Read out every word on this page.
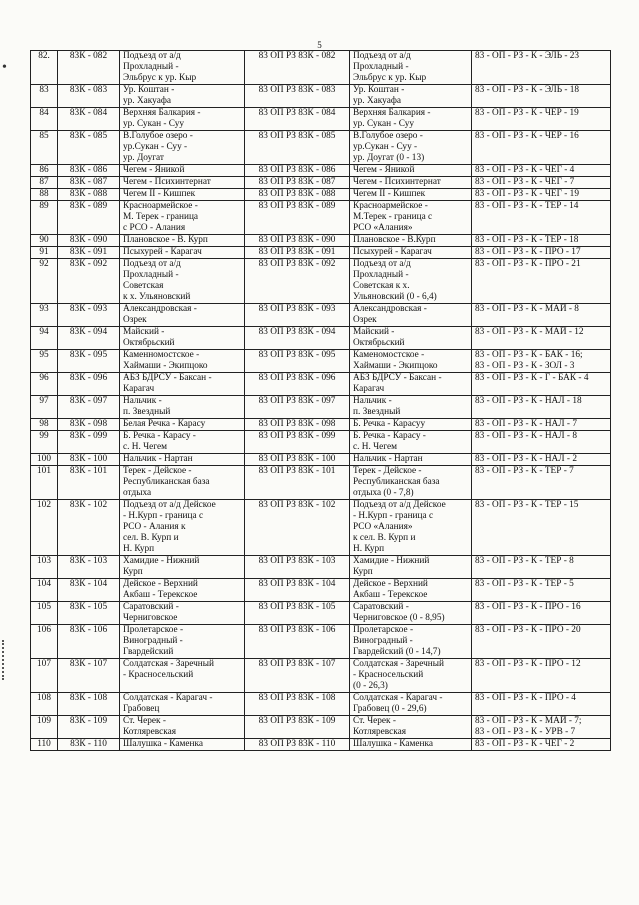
5
•
82.	83К - 082	Подъезд от а/д
Прохладный -
Эльбрус к ур. Кыр	83 ОП РЗ 83К - 082	Подъезд от а/д
Прохладный -
Эльбрус к ур. Кыр	83 - ОП - РЗ - К - ЭЛЬ - 23
83	83К - 083	Ур. Коштан -
ур. Хакуафа	83 ОП РЗ 83К - 083	Ур. Коштан -
ур. Хакуафа	83 - ОП - РЗ - К - ЭЛЬ - 18
84	83К - 084	Верхняя Балкария -
ур. Сукан - Суу	83 ОП РЗ 83К - 084	Верхняя Балкария -
ур. Сукан - Суу	83 - ОП - РЗ - К - ЧЕР - 19
85	83К - 085	В.Голубое озеро -
ур.Сукан - Суу -
ур. Доугат	83 ОП РЗ 83К - 085	В.Голубое озеро -
ур.Сукан - Суу -
ур. Доугат (0 - 13)	83 - ОП - РЗ - К - ЧЕР - 16
86	83К - 086	Чегем - Яникой	83 ОП РЗ 83К - 086	Чегем - Яникой	83 - ОП - РЗ - К - ЧЕГ - 4
87	83К - 087	Чегем - Психинтернат	83 ОП РЗ 83К - 087	Чегем - Психинтернат	83 - ОП - РЗ - К - ЧЕГ - 7
88	83К - 088	Чегем II - Кишпек	83 ОП РЗ 83К - 088	Чегем II - Кишпек	83 - ОП - РЗ - К - ЧЕГ - 19
89	83К - 089	Красноармейское -
М. Терек - граница
с РСО - Алания	83 ОП РЗ 83К - 089	Красноармейское -
М.Терек - граница с
РСО «Алания»	83 - ОП - РЗ - К - ТЕР - 14
90	83К - 090	Плановское - В. Курп	83 ОП РЗ 83К - 090	Плановское - В.Курп	83 - ОП - РЗ - К - ТЕР - 18
91	83К - 091	Псыхурей - Карагач	83 ОП РЗ 83К - 091	Псыхурей - Карагач	83 - ОП - РЗ - К - ПРО - 17
92	83К - 092	Подъезд от а/д
Прохладный -
Советская
к х. Ульяновский	83 ОП РЗ 83К - 092	Подъезд от а/д
Прохладный -
Советская к х.
Ульяновский (0 - 6,4)	83 - ОП - РЗ - К - ПРО - 21
93	83К - 093	Александровская -
Озрек	83 ОП РЗ 83К - 093	Александровская -
Озрек	83 - ОП - РЗ - К - МАЙ - 8
94	83К - 094	Майский -
Октябрьский	83 ОП РЗ 83К - 094	Майский -
Октябрьский	83 - ОП - РЗ - К - МАЙ - 12
95	83К - 095	Каменномостское -
Хаймаши - Экипцоко	83 ОП РЗ 83К - 095	Каменомостское -
Хаймаши - Экипцоко	83 - ОП - РЗ - К - БАК - 16;
83 - ОП - РЗ - К - ЗОЛ - 3
96	83К - 096	АБЗ БДРСУ - Баксан -
Карагач	83 ОП РЗ 83К - 096	АБЗ БДРСУ - Баксан -
Карагач	83 - ОП - РЗ - К - Г - БАК - 4
97	83К - 097	Нальчик -
п. Звездный	83 ОП РЗ 83К - 097	Нальчик -
п. Звездный	83 - ОП - РЗ - К - НАЛ - 18
98	83К - 098	Белая Речка - Карасу	83 ОП РЗ 83К - 098	Б. Речка - Карасуу	83 - ОП - РЗ - К - НАЛ - 7
99	83К - 099	Б. Речка - Карасу -
с. Н. Чегем	83 ОП РЗ 83К - 099	Б. Речка - Карасу -
с. Н. Чегем	83 - ОП - РЗ - К - НАЛ - 8
100	83К - 100	Нальчик - Нартан	83 ОП РЗ 83К - 100	Нальчик - Нартан	83 - ОП - РЗ - К - НАЛ - 2
101	83К - 101	Терек - Дейское -
Республиканская база
отдыха	83 ОП РЗ 83К - 101	Терек - Дейское -
Республиканская база
отдыха (0 - 7,8)	83 - ОП - РЗ - К - ТЕР - 7
102	83К - 102	Подъезд от а/д Дейское
- Н.Курп - граница с
РСО - Алания к
сел. В. Курп и
Н. Курп	83 ОП РЗ 83К - 102	Подъезд от а/д Дейское
- Н.Курп - граница с
РСО «Алания»
к сел. В. Курп и
Н. Курп	83 - ОП - РЗ - К - ТЕР - 15
103	83К - 103	Хамидие - Нижний
Курп	83 ОП РЗ 83К - 103	Хамидие - Нижний
Курп	83 - ОП - РЗ - К - ТЕР - 8
104	83К - 104	Дейское - Верхний
Акбаш - Терекское	83 ОП РЗ 83К - 104	Дейское - Верхний
Акбаш - Терекское	83 - ОП - РЗ - К - ТЕР - 5
105	83К - 105	Саратовский -
Черниговское	83 ОП РЗ 83К - 105	Саратовский -
Черниговское (0 - 8,95)	83 - ОП - РЗ - К - ПРО - 16
106	83К - 106	Пролетарское -
Виноградный -
Гвардейский	83 ОП РЗ 83К - 106	Пролетарское -
Виноградный -
Гвардейский (0 - 14,7)	83 - ОП - РЗ - К - ПРО - 20
107	83К - 107	Солдатская - Заречный
- Красносельский	83 ОП РЗ 83К - 107	Солдатская - Заречный
- Красносельский
(0 - 26,3)	83 - ОП - РЗ - К - ПРО - 12
108	83К - 108	Солдатская - Карагач -
Грабовец	83 ОП РЗ 83К - 108	Солдатская - Карагач -
Грабовец (0 - 29,6)	83 - ОП - РЗ - К - ПРО - 4
109	83К - 109	Ст. Черек -
Котляревская	83 ОП РЗ 83К - 109	Ст. Черек -
Котляревская	83 - ОП - РЗ - К - МАЙ - 7;
83 - ОП - РЗ - К - УРВ - 7
110	83К - 110	Шалушка - Каменка	83 ОП РЗ 83К - 110	Шалушка - Каменка	83 - ОП - РЗ - К - ЧЕГ - 2
